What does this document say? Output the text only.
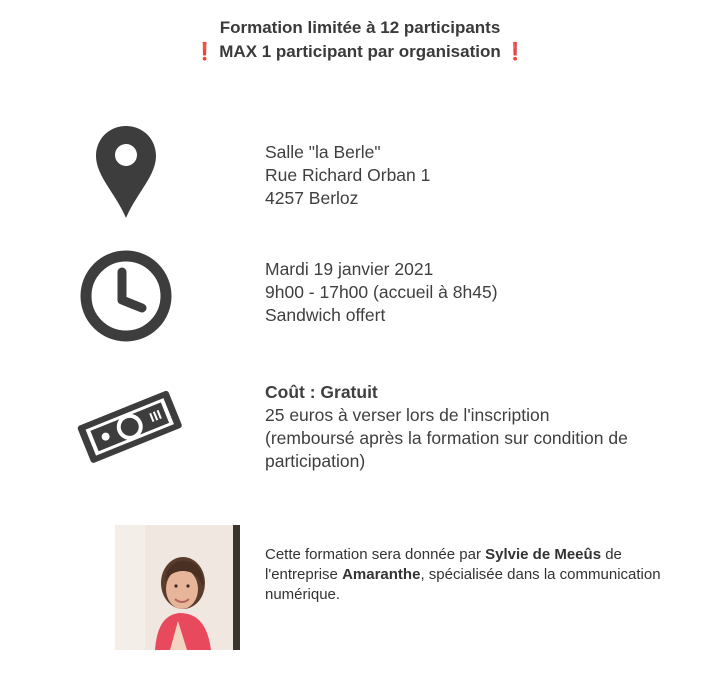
Formation limitée à 12 participants
❗ MAX 1 participant par organisation ❗
Salle "la Berle"
Rue Richard Orban 1
4257 Berloz
Mardi 19 janvier 2021
9h00 - 17h00 (accueil à 8h45)
Sandwich offert
Coût : Gratuit
25 euros à verser lors de l'inscription
(remboursé après la formation sur condition de
participation)
Cette formation sera donnée par Sylvie de Meeûs de l'entreprise Amaranthe, spécialisée dans la communication numérique.
